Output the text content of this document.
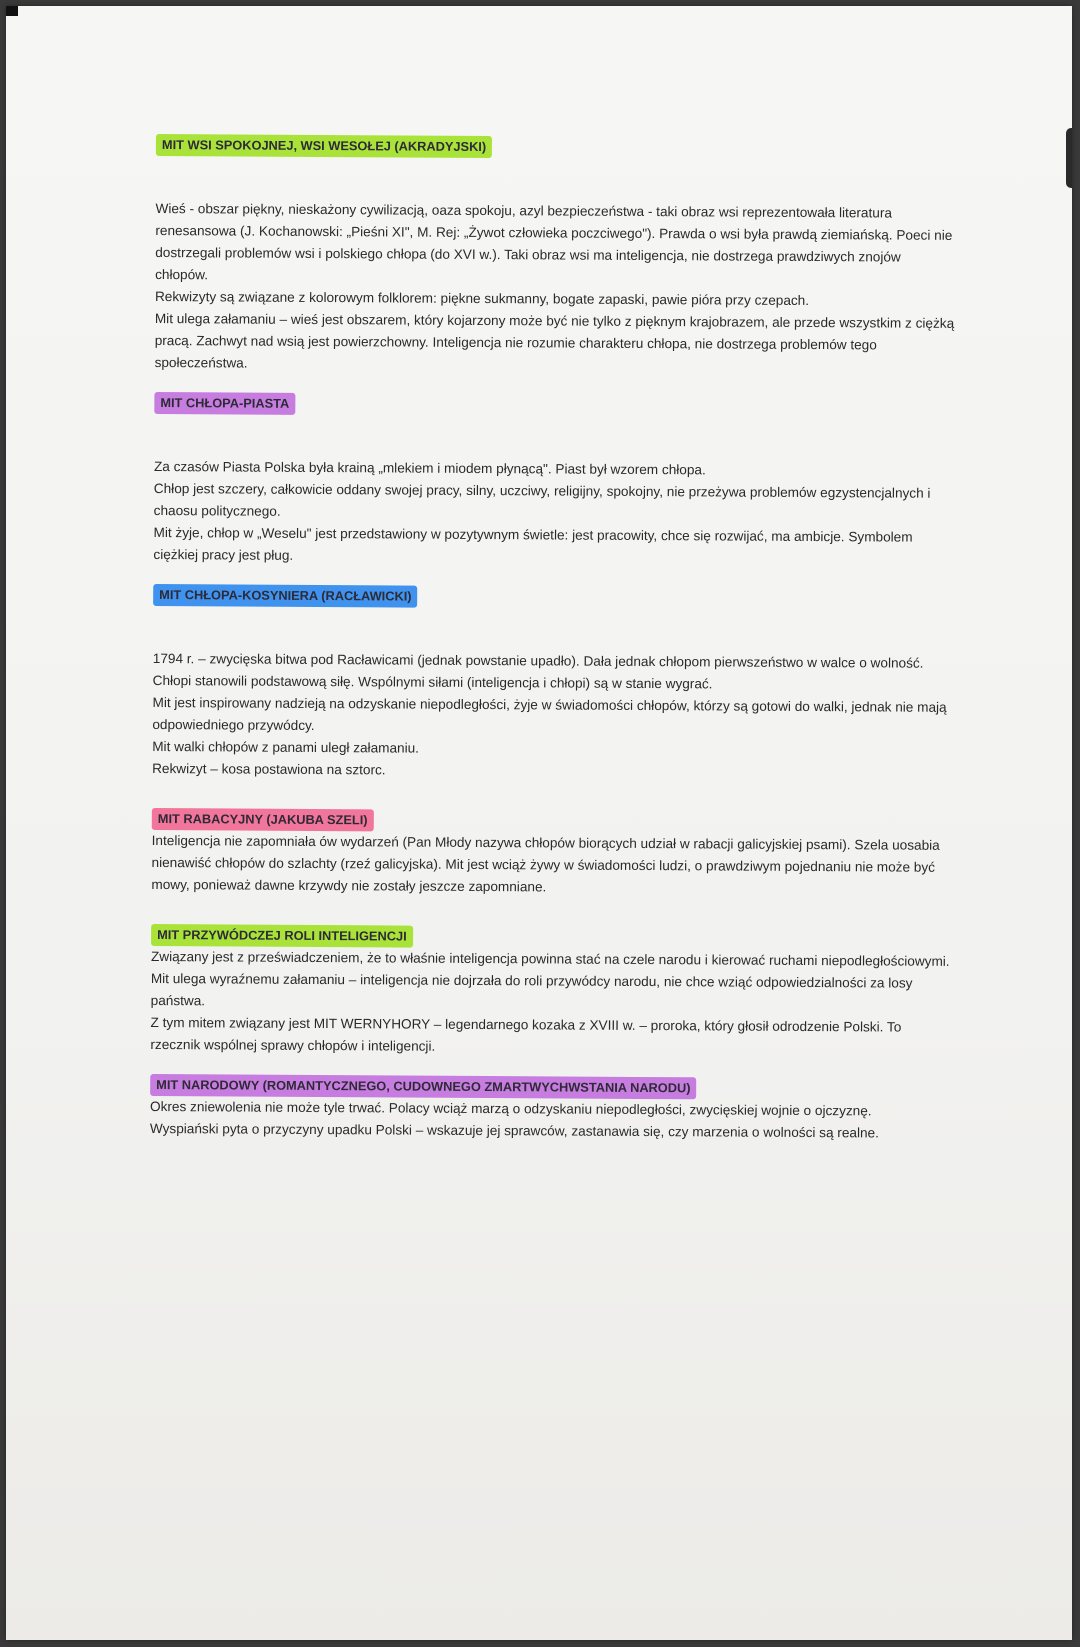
MIT WSI SPOKOJNEJ, WSI WESOŁEJ (AKRADYJSKI)

Wieś - obszar piękny, nieskażony cywilizacją, oaza spokoju, azyl bezpieczeństwa - taki obraz wsi reprezentowała literatura renesansowa (J. Kochanowski: „Pieśni XI", M. Rej: „Żywot człowieka poczciwego"). Prawda o wsi była prawdą ziemiańską. Poeci nie dostrzegali problemów wsi i polskiego chłopa (do XVI w.). Taki obraz wsi ma inteligencja, nie dostrzega prawdziwych znojów chłopów.

Rekwizyty są związane z kolorowym folklorem: piękne sukmanny, bogate zapaski, pawie pióra przy czepach.

Mit ulega załamaniu – wieś jest obszarem, który kojarzony może być nie tylko z pięknym krajobrazem, ale przede wszystkim z ciężką pracą. Zachwyt nad wsią jest powierzchowny. Inteligencja nie rozumie charakteru chłopa, nie dostrzega problemów tego społeczeństwa.

MIT CHŁOPA-PIASTA

Za czasów Piasta Polska była krainą „mlekiem i miodem płynącą". Piast był wzorem chłopa.

Chłop jest szczery, całkowicie oddany swojej pracy, silny, uczciwy, religijny, spokojny, nie przeżywa problemów egzystencjalnych i chaosu politycznego.

Mit żyje, chłop w „Weselu" jest przedstawiony w pozytywnym świetle: jest pracowity, chce się rozwijać, ma ambicje. Symbolem ciężkiej pracy jest pług.

MIT CHŁOPA-KOSYNIERA (RACŁAWICKI)

1794 r. – zwycięska bitwa pod Racławicami (jednak powstanie upadło). Dała jednak chłopom pierwszeństwo w walce o wolność. Chłopi stanowili podstawową siłę. Wspólnymi siłami (inteligencja i chłopi) są w stanie wygrać.

Mit jest inspirowany nadzieją na odzyskanie niepodległości, żyje w świadomości chłopów, którzy są gotowi do walki, jednak nie mają odpowiedniego przywódcy.

Mit walki chłopów z panami uległ załamaniu.

Rekwizyt – kosa postawiona na sztorc.

MIT RABACYJNY (JAKUBA SZELI)

Inteligencja nie zapomniała ów wydarzeń (Pan Młody nazywa chłopów biorących udział w rabacji galicyjskiej psami). Szela uosabia nienawiść chłopów do szlachty (rzeź galicyjska). Mit jest wciąż żywy w świadomości ludzi, o prawdziwym pojednaniu nie może być mowy, ponieważ dawne krzywdy nie zostały jeszcze zapomniane.

MIT PRZYWÓDCZEJ ROLI INTELIGENCJI

Związany jest z przeświadczeniem, że to właśnie inteligencja powinna stać na czele narodu i kierować ruchami niepodległościowymi.

Mit ulega wyraźnemu załamaniu – inteligencja nie dojrzała do roli przywódcy narodu, nie chce wziąć odpowiedzialności za losy państwa.

Z tym mitem związany jest MIT WERNYHORY – legendarnego kozaka z XVIII w. – proroka, który głosił odrodzenie Polski. To rzecznik wspólnej sprawy chłopów i inteligencji.

MIT NARODOWY (ROMANTYCZNEGO, CUDOWNEGO ZMARTWYCHWSTANIA NARODU)

Okres zniewolenia nie może tyle trwać. Polacy wciąż marzą o odzyskaniu niepodległości, zwycięskiej wojnie o ojczyznę.

Wyspiański pyta o przyczyny upadku Polski – wskazuje jej sprawców, zastanawia się, czy marzenia o wolności są realne.
